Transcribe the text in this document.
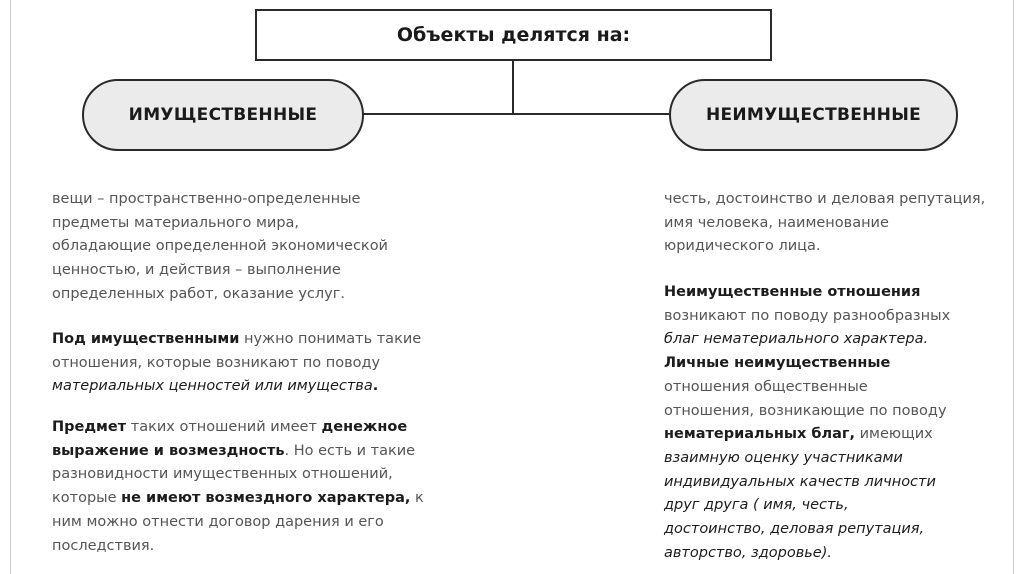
Объекты делятся на:
ИМУЩЕСТВЕННЫЕ	НЕИМУЩЕСТВЕННЫЕ
вещи – пространственно-определенные
предметы материального мира,
обладающие определенной экономической
ценностью, и действия – выполнение
определенных работ, оказание услуг.
Под имущественными нужно понимать такие
отношения, которые возникают по поводу
материальных ценностей или имущества.
Предмет таких отношений имеет денежное
выражение и возмездность. Но есть и такие
разновидности имущественных отношений,
которые не имеют возмездного характера, к
ним можно отнести договор дарения и его
последствия.
честь, достоинство и деловая репутация,
имя человека, наименование
юридического лица.
Неимущественные отношения
возникают по поводу разнообразных
благ нематериального характера.
Личные неимущественные
отношения общественные
отношения, возникающие по поводу
нематериальных благ, имеющих
взаимную оценку участниками
индивидуальных качеств личности
друг друга ( имя, честь,
достоинство, деловая репутация,
авторство, здоровье).
